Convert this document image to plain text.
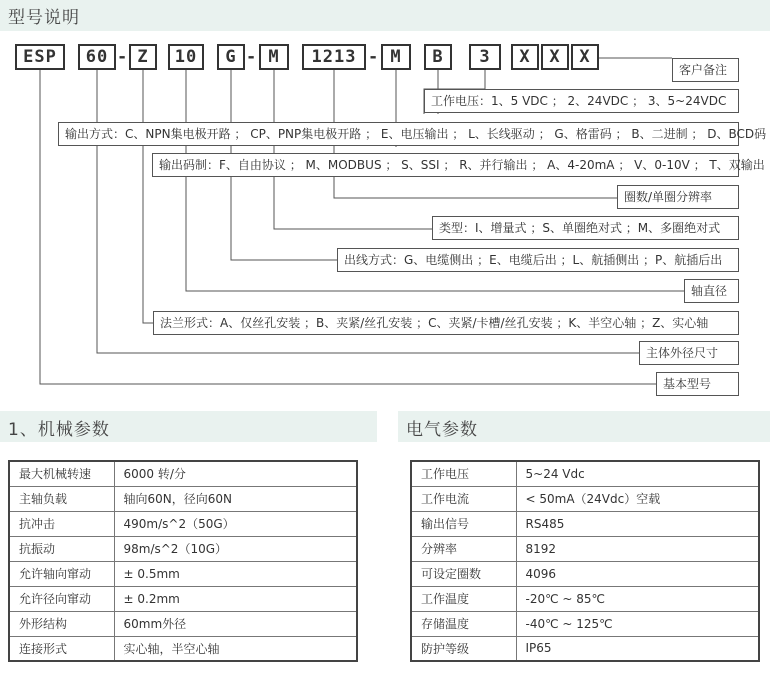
型号说明
ESP	60 - Z	10	G - M	1213 - M	B	3	X	X	X
客户备注
工作电压：1、5 VDC ； 2、24VDC ； 3、5~24VDC
输出方式：C、NPN集电极开路 ； CP、PNP集电极开路 ； E、电压输出 ； L、长线驱动 ； G、格雷码 ； B、二进制 ； D、BCD码
输出码制：F、自由协议 ； M、MODBUS ； S、SSI ； R、并行输出 ； A、4-20mA ； V、0-10V ； T、双输出
圈数/单圈分辨率
类型：I、增量式 ；S、单圈绝对式 ；M、多圈绝对式
出线方式：G、电缆侧出 ；E、电缆后出 ；L、航插侧出 ；P、航插后出
轴直径
法兰形式：A、仅丝孔安装 ；B、夹紧/丝孔安装 ；C、夹紧/卡槽/丝孔安装 ；K、半空心轴 ；Z、实心轴
主体外径尺寸
基本型号
1、机械参数	电气参数
最大机械转速	6000 转/分
主轴负载	轴向60N，径向60N
抗冲击	490m/s^2（50G）
抗振动	98m/s^2（10G）
允许轴向窜动	± 0.5mm
允许径向窜动	± 0.2mm
外形结构	60mm外径
连接形式	实心轴，半空心轴
工作电压	5~24 Vdc
工作电流	< 50mA（24Vdc）空载
输出信号	RS485
分辨率	8192
可设定圈数	4096
工作温度	-20℃ ~ 85℃
存储温度	-40℃ ~ 125℃
防护等级	IP65
